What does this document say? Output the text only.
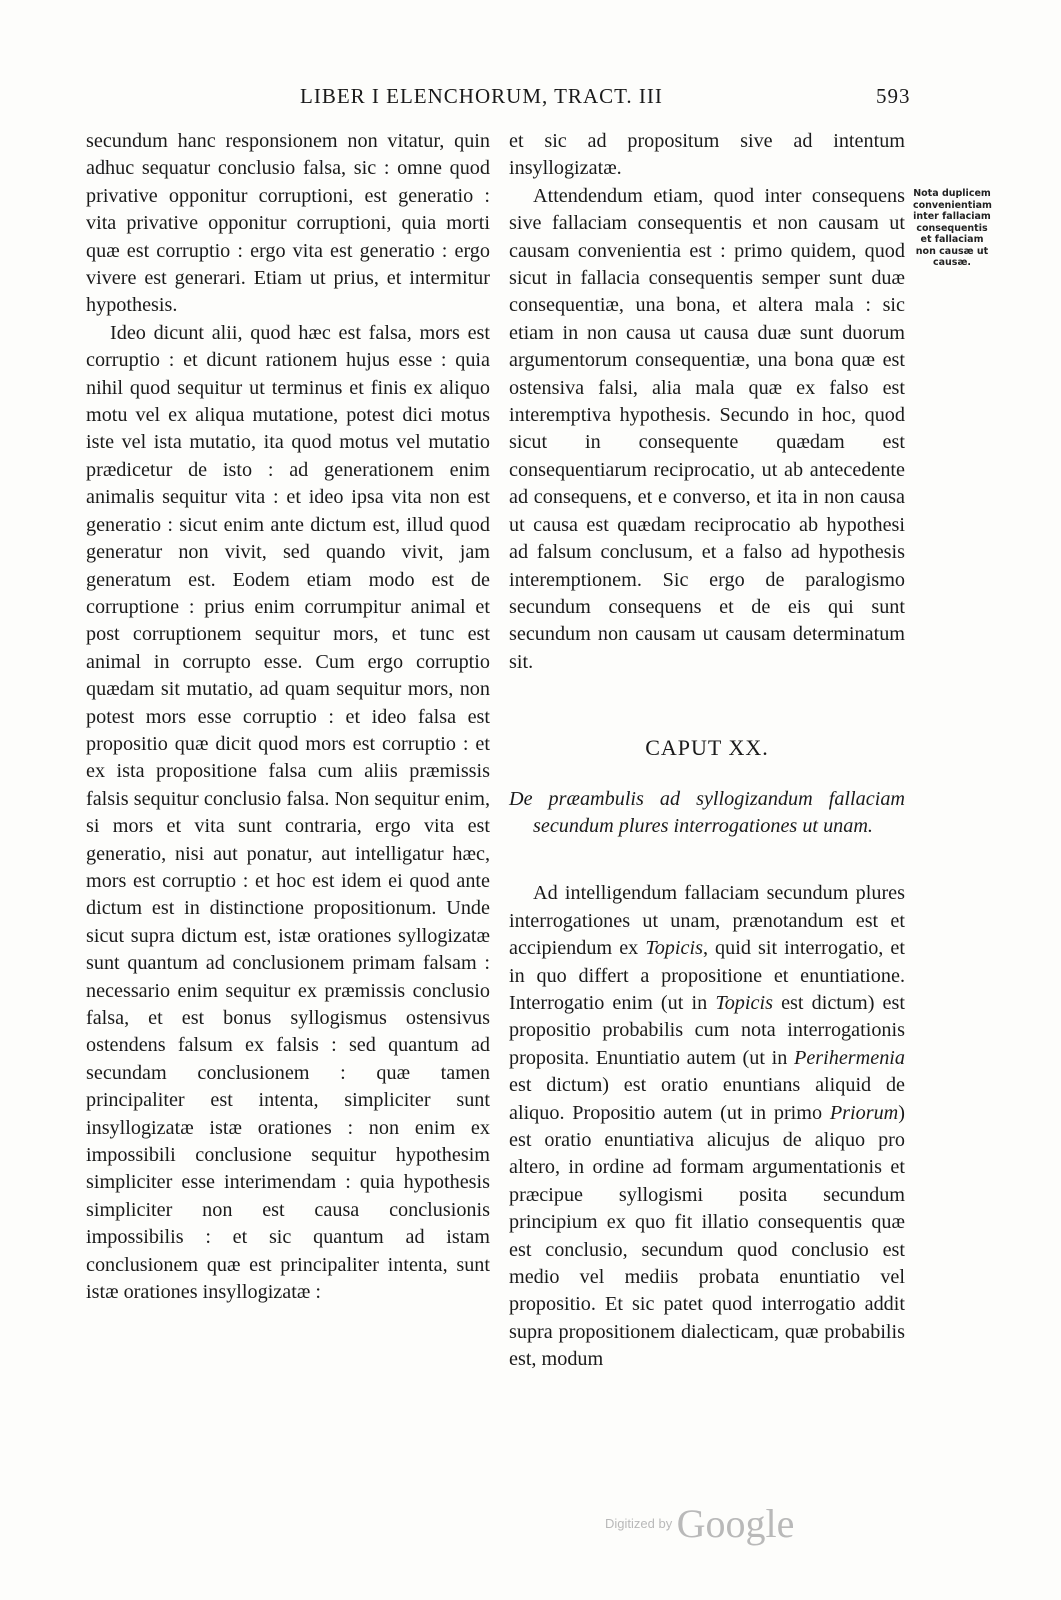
LIBER I ELENCHORUM, TRACT. III	593

secundum hanc responsionem non vitatur, quin adhuc sequatur conclusio falsa, sic : omne quod privative opponitur corruptioni, est generatio : vita privative opponitur corruptioni, quia morti quæ est corruptio : ergo vita est generatio : ergo vivere est generari. Etiam ut prius, et intermitur hypothesis.

Ideo dicunt alii, quod hæc est falsa, mors est corruptio : et dicunt rationem hujus esse : quia nihil quod sequitur ut terminus et finis ex aliquo motu vel ex aliqua mutatione, potest dici motus iste vel ista mutatio, ita quod motus vel mutatio prædicetur de isto : ad generationem enim animalis sequitur vita : et ideo ipsa vita non est generatio : sicut enim ante dictum est, illud quod generatur non vivit, sed quando vivit, jam generatum est. Eodem etiam modo est de corruptione : prius enim corrumpitur animal et post corruptionem sequitur mors, et tunc est animal in corrupto esse. Cum ergo corruptio quædam sit mutatio, ad quam sequitur mors, non potest mors esse corruptio : et ideo falsa est propositio quæ dicit quod mors est corruptio : et ex ista propositione falsa cum aliis præmissis falsis sequitur conclusio falsa. Non sequitur enim, si mors et vita sunt contraria, ergo vita est generatio, nisi aut ponatur, aut intelligatur hæc, mors est corruptio : et hoc est idem ei quod ante dictum est in distinctione propositionum. Unde sicut supra dictum est, istæ orationes syllogizatæ sunt quantum ad conclusionem primam falsam : necessario enim sequitur ex præmissis conclusio falsa, et est bonus syllogismus ostensivus ostendens falsum ex falsis : sed quantum ad secundam conclusionem : quæ tamen principaliter est intenta, simpliciter sunt insyllogizatæ istæ orationes : non enim ex impossibili conclusione sequitur hypothesim simpliciter esse interimendam : quia hypothesis simpliciter non est causa conclusionis impossibilis : et sic quantum ad istam conclusionem quæ est principaliter intenta, sunt istæ orationes insyllogizatæ :

et sic ad propositum sive ad intentum insyllogizatæ.

Attendendum etiam, quod inter consequens sive fallaciam consequentis et non causam ut causam convenientia est : primo quidem, quod sicut in fallacia consequentis semper sunt duæ consequentiæ, una bona, et altera mala : sic etiam in non causa ut causa duæ sunt duorum argumentorum consequentiæ, una bona quæ est ostensiva falsi, alia mala quæ ex falso est interemptiva hypothesis. Secundo in hoc, quod sicut in consequente quædam est consequentiarum reciprocatio, ut ab antecedente ad consequens, et e converso, et ita in non causa ut causa est quædam reciprocatio ab hypothesi ad falsum conclusum, et a falso ad hypothesis interemptionem. Sic ergo de paralogismo secundum consequens et de eis qui sunt secundum non causam ut causam determinatum sit.

CAPUT XX.
De præambulis ad syllogizandum fallaciam secundum plures interrogationes ut unam.

Ad intelligendum fallaciam secundum plures interrogationes ut unam, prænotandum est et accipiendum ex Topicis, quid sit interrogatio, et in quo differt a propositione et enuntiatione. Interrogatio enim (ut in Topicis est dictum) est propositio probabilis cum nota interrogationis proposita. Enuntiatio autem (ut in Perihermenia est dictum) est oratio enuntians aliquid de aliquo. Propositio autem (ut in primo Priorum) est oratio enuntiativa alicujus de aliquo pro altero, in ordine ad formam argumentationis et præcipue syllogismi posita secundum principium ex quo fit illatio consequentis quæ est conclusio, secundum quod conclusio est medio vel mediis probata enuntiatio vel propositio. Et sic patet quod interrogatio addit supra propositionem dialecticam, quæ probabilis est, modum

Nota duplicem convenientiam inter fallaciam consequentis et fallaciam non causæ ut causæ.
Digitized by Google
